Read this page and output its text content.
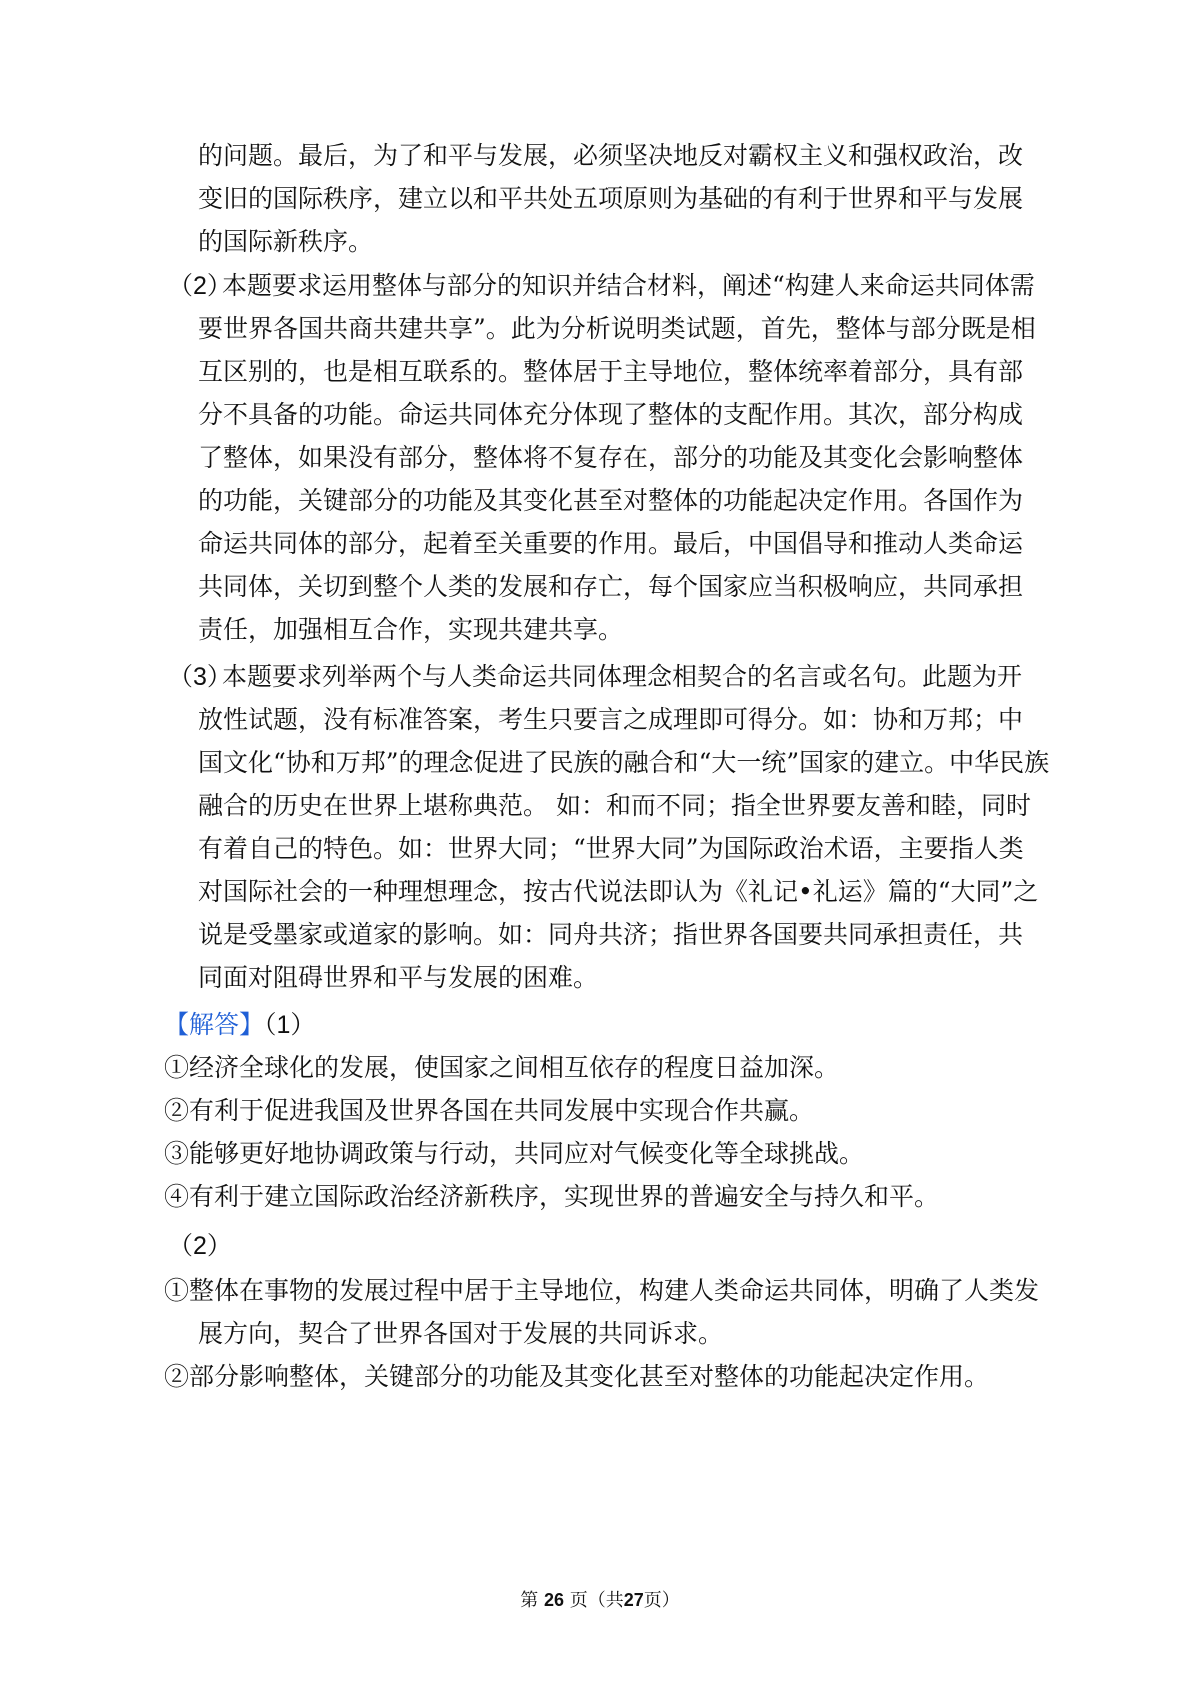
的问题。最后，为了和平与发展，必须坚决地反对霸权主义和强权政治，改
变旧的国际秩序，建立以和平共处五项原则为基础的有利于世界和平与发展
的国际新秩序。
（2）
本题要求运用整体与部分的知识并结合材料，阐述“构建人来命运共同体需
要世界各国共商共建共享”。此为分析说明类试题，首先，整体与部分既是相
互区别的，也是相互联系的。整体居于主导地位，整体统率着部分，具有部
分不具备的功能。命运共同体充分体现了整体的支配作用。其次，部分构成
了整体，如果没有部分，整体将不复存在，部分的功能及其变化会影响整体
的功能，关键部分的功能及其变化甚至对整体的功能起决定作用。各国作为
命运共同体的部分，起着至关重要的作用。最后，中国倡导和推动人类命运
共同体，关切到整个人类的发展和存亡，每个国家应当积极响应，共同承担
责任，加强相互合作，实现共建共享。
（3）
本题要求列举两个与人类命运共同体理念相契合的名言或名句。此题为开
放性试题，没有标准答案，考生只要言之成理即可得分。如：协和万邦；中
国文化“协和万邦”的理念促进了民族的融合和“大一统”国家的建立。中华民族
融合的历史在世界上堪称典范。 如：和而不同；指全世界要友善和睦，同时
有着自己的特色。如：世界大同；“世界大同”为国际政治术语，主要指人类
对国际社会的一种理想理念，按古代说法即认为《礼记•礼运》篇的“大同”之
说是受墨家或道家的影响。如：同舟共济；指世界各国要共同承担责任，共
同面对阻碍世界和平与发展的困难。
【解答】（1）
①经济全球化的发展，使国家之间相互依存的程度日益加深。
②有利于促进我国及世界各国在共同发展中实现合作共赢。
③能够更好地协调政策与行动，共同应对气候变化等全球挑战。
④有利于建立国际政治经济新秩序，实现世界的普遍安全与持久和平。
（2）
①整体在事物的发展过程中居于主导地位，构建人类命运共同体，明确了人类发
展方向，契合了世界各国对于发展的共同诉求。
②部分影响整体，关键部分的功能及其变化甚至对整体的功能起决定作用。
第 26 页（共27页）
